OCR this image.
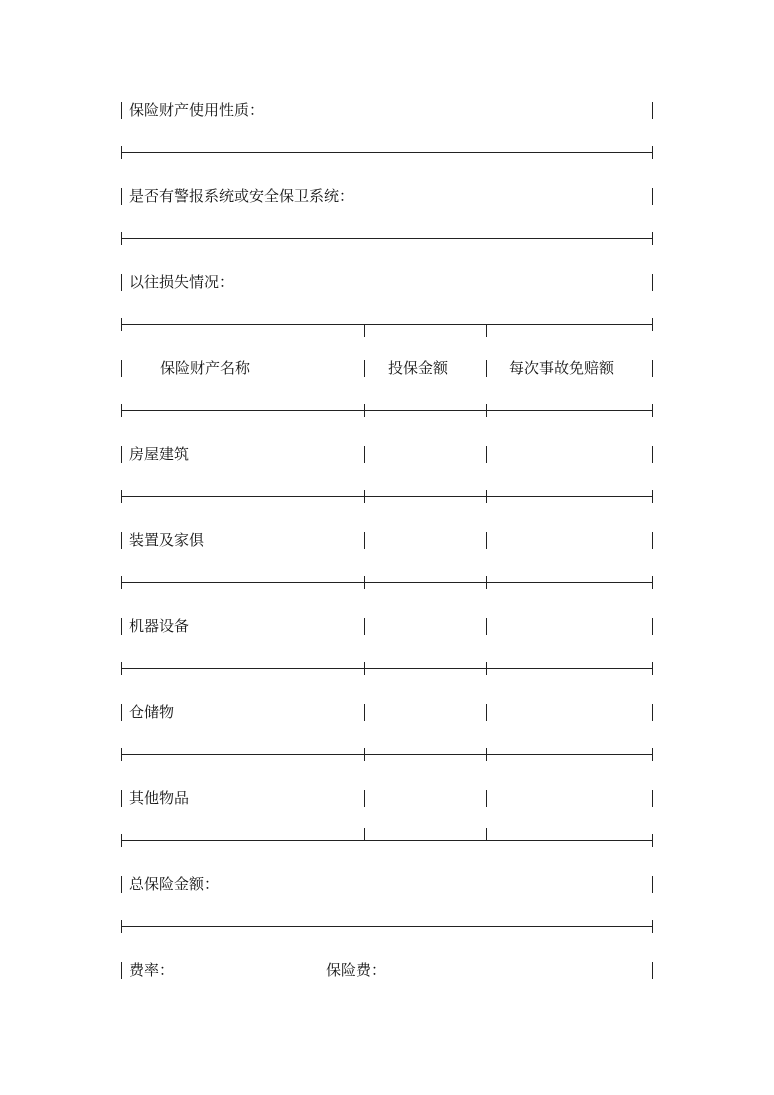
保险财产使用性质：
是否有警报系统或安全保卫系统：
以往损失情况：
保险财产名称	投保金额	每次事故免赔额
房屋建筑
装置及家俱
机器设备
仓储物
其他物品
总保险金额：
费率：	保险费：
